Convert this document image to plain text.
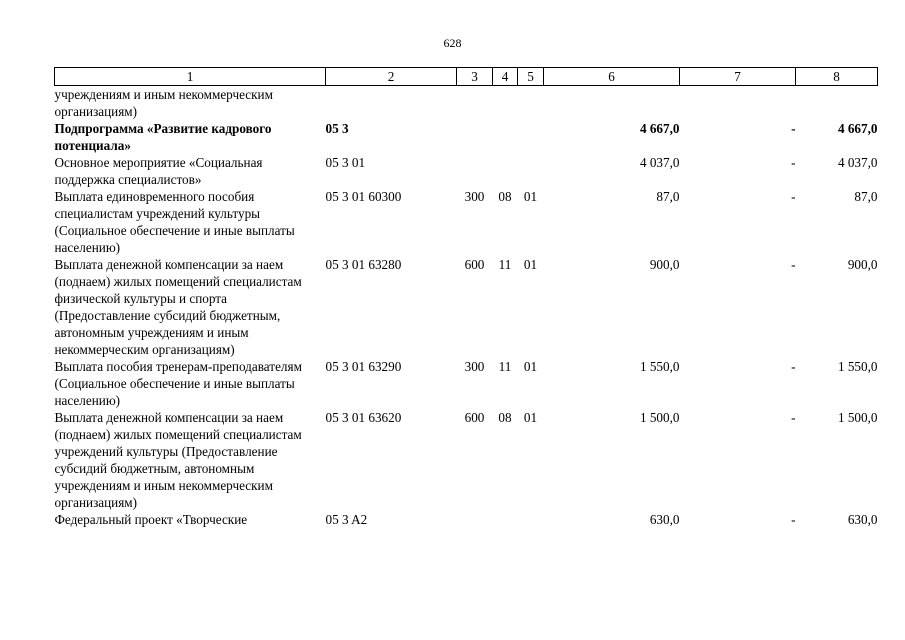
628
1	2	3	4	5	6	7	8
учреждениям и иным некоммерческим организациям)							
Подпрограмма «Развитие кадрового потенциала»	05 3				4 667,0	-	4 667,0
Основное мероприятие «Социальная поддержка специалистов»	05 3 01				4 037,0	-	4 037,0
Выплата единовременного пособия специалистам учреждений культуры (Социальное обеспечение и иные выплаты населению)	05 3 01 60300	300	08	01	87,0	-	87,0
Выплата денежной компенсации за наем (поднаем) жилых помещений специалистам физической культуры и спорта (Предоставление субсидий бюджетным, автономным учреждениям и иным некоммерческим организациям)	05 3 01 63280	600	11	01	900,0	-	900,0
Выплата пособия тренерам-преподавателям (Социальное обеспечение и иные выплаты населению)	05 3 01 63290	300	11	01	1 550,0	-	1 550,0
Выплата денежной компенсации за наем (поднаем) жилых помещений специалистам учреждений культуры (Предоставление субсидий бюджетным, автономным учреждениям и иным некоммерческим организациям)	05 3 01 63620	600	08	01	1 500,0	-	1 500,0
Федеральный проект «Творческие	05 3 A2				630,0	-	630,0
